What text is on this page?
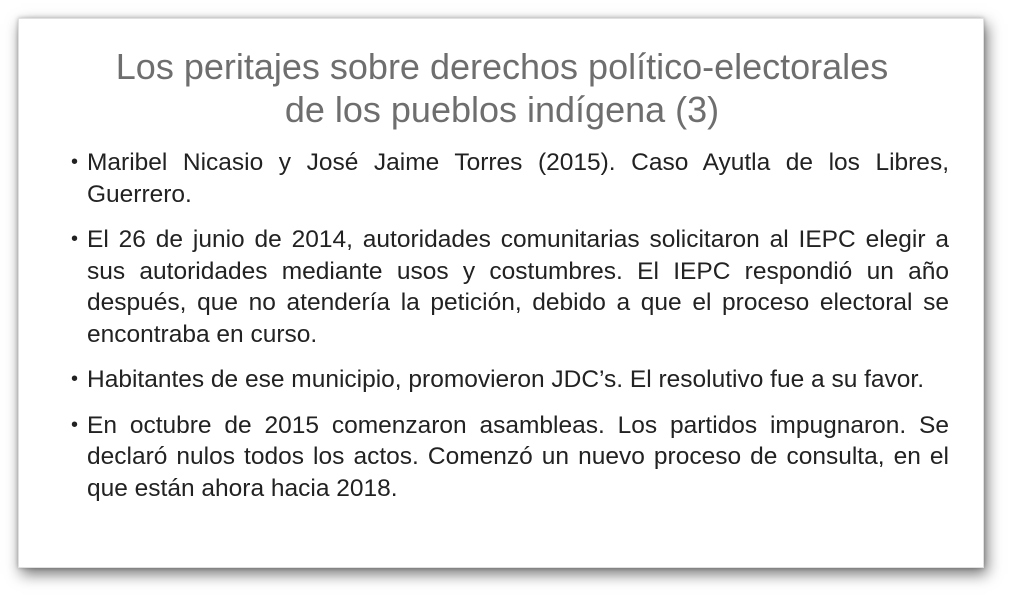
Los peritajes sobre derechos político-electorales
de los pueblos indígena (3)
• Maribel Nicasio y José Jaime Torres (2015). Caso Ayutla de los Libres, Guerrero.
• El 26 de junio de 2014, autoridades comunitarias solicitaron al IEPC elegir a sus autoridades mediante usos y costumbres. El IEPC respondió un año después, que no atendería la petición, debido a que el proceso electoral se encontraba en curso.
• Habitantes de ese municipio, promovieron JDC’s. El resolutivo fue a su favor.
• En octubre de 2015 comenzaron asambleas. Los partidos impugnaron. Se declaró nulos todos los actos. Comenzó un nuevo proceso de consulta, en el que están ahora hacia 2018.
